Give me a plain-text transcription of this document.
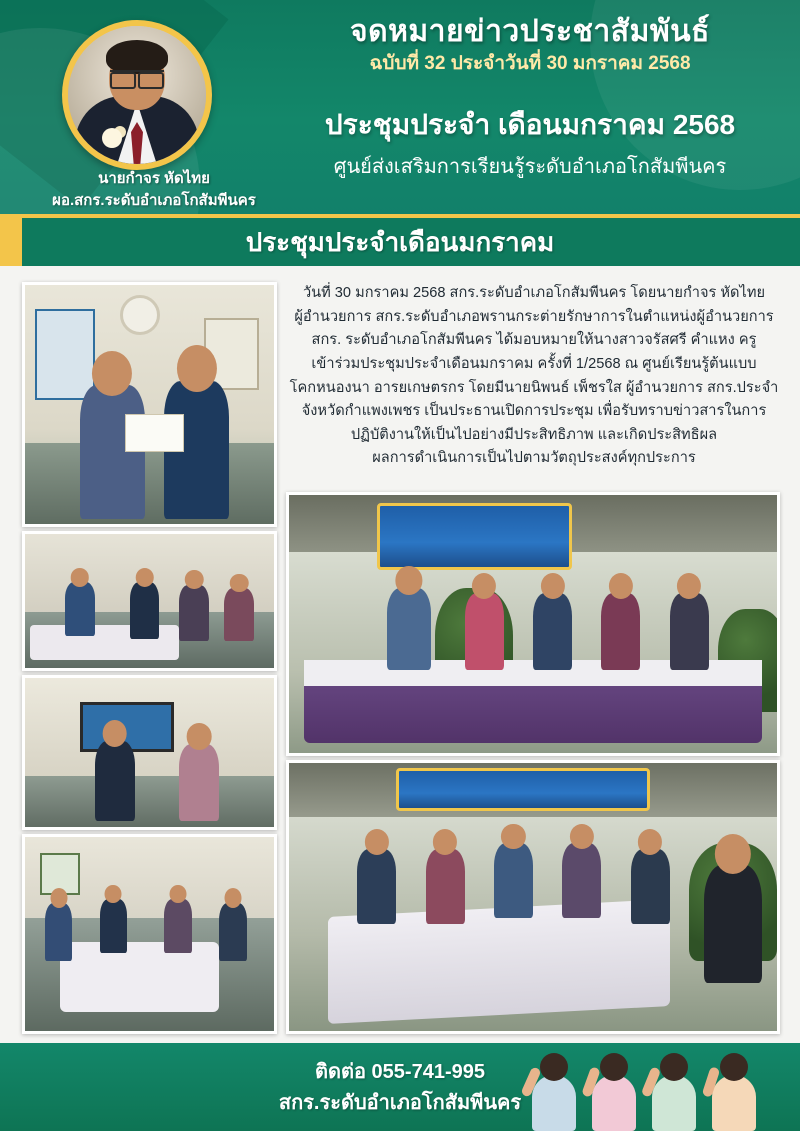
จดหมายข่าวประชาสัมพันธ์
ฉบับที่ 32 ประจำวันที่ 30 มกราคม 2568
ประชุมประจำ เดือนมกราคม 2568
ศูนย์ส่งเสริมการเรียนรู้ระดับอำเภอโกสัมพีนคร
นายกำจร หัดไทย
ผอ.สกร.ระดับอำเภอโกสัมพีนคร
ประชุมประจำเดือนมกราคม

วันที่ 30 มกราคม 2568 สกร.ระดับอำเภอโกสัมพีนคร โดยนายกำจร หัดไทย

ผู้อำนวยการ สกร.ระดับอำเภอพรานกระต่ายรักษาการในตำแหน่งผู้อำนวยการ

สกร. ระดับอำเภอโกสัมพีนคร ได้มอบหมายให้นางสาวจรัสศรี คำแหง ครู

เข้าร่วมประชุมประจำเดือนมกราคม ครั้งที่ 1/2568 ณ ศูนย์เรียนรู้ต้นแบบ

โคกหนองนา อารยเกษตรกร โดยมีนายนิพนธ์ เพ็ชรใส ผู้อำนวยการ สกร.ประจำ

จังหวัดกำแพงเพชร เป็นประธานเปิดการประชุม เพื่อรับทราบข่าวสารในการ

ปฏิบัติงานให้เป็นไปอย่างมีประสิทธิภาพ และเกิดประสิทธิผล

ผลการดำเนินการเป็นไปตามวัตถุประสงค์ทุกประการ

ติดต่อ 055-741-995
สกร.ระดับอำเภอโกสัมพีนคร
